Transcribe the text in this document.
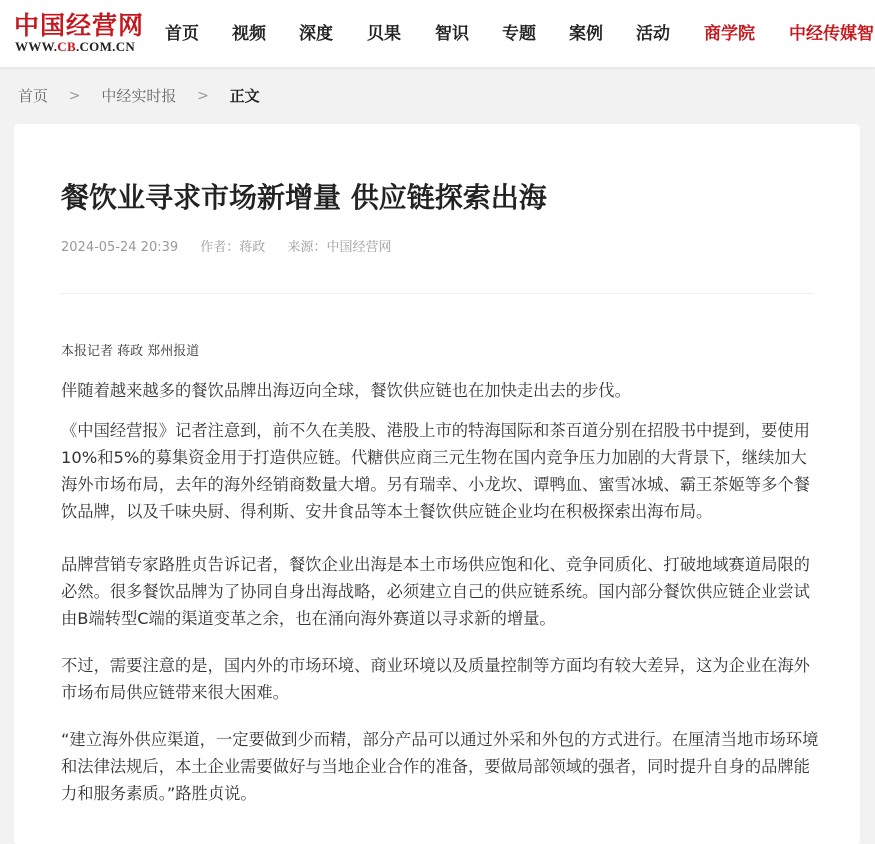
中国经营网
WWW.CB.COM.CN
首页 视频 深度 贝果 智识 专题 案例 活动 商学院 中经传媒智
首页 > 中经实时报 > 正文
餐饮业寻求市场新增量 供应链探索出海
2024-05-24 20:39 作者：蒋政 来源：中国经营网
本报记者 蒋政 郑州报道

伴随着越来越多的餐饮品牌出海迈向全球，餐饮供应链也在加快走出去的步伐。

《中国经营报》记者注意到，前不久在美股、港股上市的特海国际和茶百道分别在招股书中提到，要使用10%和5%的募集资金用于打造供应链。代糖供应商三元生物在国内竞争压力加剧的大背景下，继续加大海外市场布局，去年的海外经销商数量大增。另有瑞幸、小龙坎、谭鸭血、蜜雪冰城、霸王茶姬等多个餐饮品牌，以及千味央厨、得利斯、安井食品等本土餐饮供应链企业均在积极探索出海布局。

品牌营销专家路胜贞告诉记者，餐饮企业出海是本土市场供应饱和化、竞争同质化、打破地域赛道局限的必然。很多餐饮品牌为了协同自身出海战略，必须建立自己的供应链系统。国内部分餐饮供应链企业尝试由B端转型C端的渠道变革之余，也在涌向海外赛道以寻求新的增量。

不过，需要注意的是，国内外的市场环境、商业环境以及质量控制等方面均有较大差异，这为企业在海外市场布局供应链带来很大困难。

“建立海外供应渠道，一定要做到少而精，部分产品可以通过外采和外包的方式进行。在厘清当地市场环境和法律法规后，本土企业需要做好与当地企业合作的准备，要做局部领域的强者，同时提升自身的品牌能力和服务素质。”路胜贞说。
